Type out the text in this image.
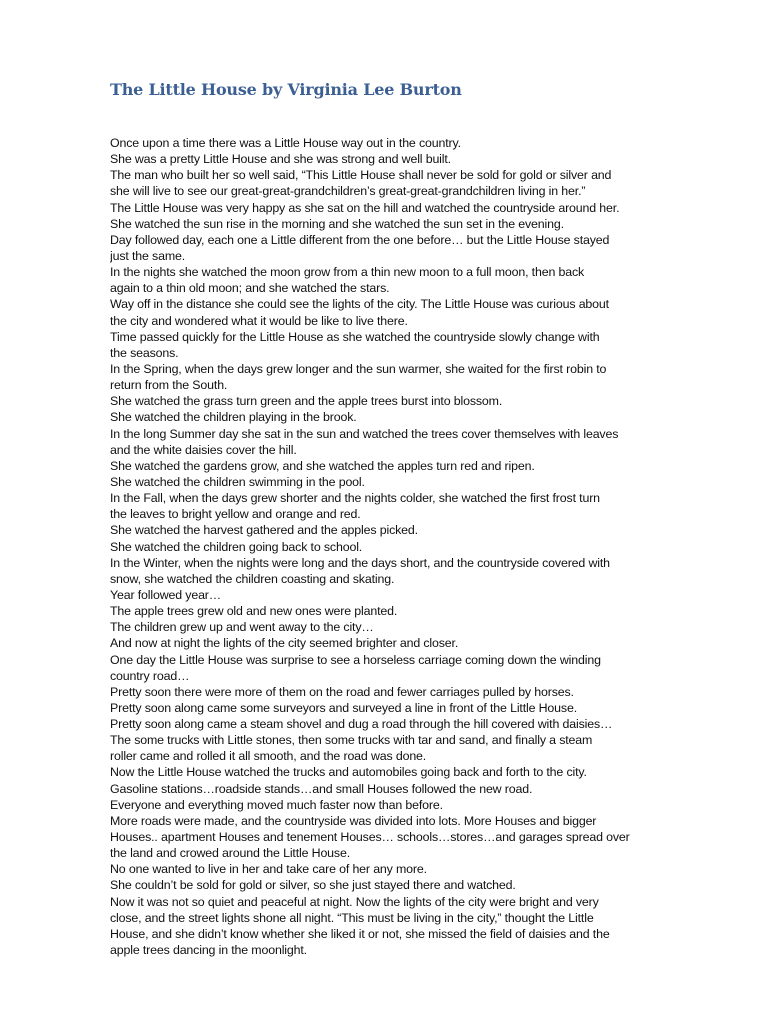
The Little House by Virginia Lee Burton
Once upon a time there was a Little House way out in the country.
She was a pretty Little House and she was strong and well built.
The man who built her so well said, “This Little House shall never be sold for gold or silver and
she will live to see our great-great-grandchildren’s great-great-grandchildren living in her.”
The Little House was very happy as she sat on the hill and watched the countryside around her.
She watched the sun rise in the morning and she watched the sun set in the evening.
Day followed day, each one a Little different from the one before… but the Little House stayed
just the same.
In the nights she watched the moon grow from a thin new moon to a full moon, then back
again to a thin old moon; and she watched the stars.
Way off in the distance she could see the lights of the city. The Little House was curious about
the city and wondered what it would be like to live there.
Time passed quickly for the Little House as she watched the countryside slowly change with
the seasons.
In the Spring, when the days grew longer and the sun warmer, she waited for the first robin to
return from the South.
She watched the grass turn green and the apple trees burst into blossom.
She watched the children playing in the brook.
In the long Summer day she sat in the sun and watched the trees cover themselves with leaves
and the white daisies cover the hill.
She watched the gardens grow, and she watched the apples turn red and ripen.
She watched the children swimming in the pool.
In the Fall, when the days grew shorter and the nights colder, she watched the first frost turn
the leaves to bright yellow and orange and red.
She watched the harvest gathered and the apples picked.
She watched the children going back to school.
In the Winter, when the nights were long and the days short, and the countryside covered with
snow, she watched the children coasting and skating.
Year followed year…
The apple trees grew old and new ones were planted.
The children grew up and went away to the city…
And now at night the lights of the city seemed brighter and closer.
One day the Little House was surprise to see a horseless carriage coming down the winding
country road…
Pretty soon there were more of them on the road and fewer carriages pulled by horses.
Pretty soon along came some surveyors and surveyed a line in front of the Little House.
Pretty soon along came a steam shovel and dug a road through the hill covered with daisies…
The some trucks with Little stones, then some trucks with tar and sand, and finally a steam
roller came and rolled it all smooth, and the road was done.
Now the Little House watched the trucks and automobiles going back and forth to the city.
Gasoline stations…roadside stands…and small Houses followed the new road.
Everyone and everything moved much faster now than before.
More roads were made, and the countryside was divided into lots. More Houses and bigger
Houses.. apartment Houses and tenement Houses… schools…stores…and garages spread over
the land and crowed around the Little House.
No one wanted to live in her and take care of her any more.
She couldn’t be sold for gold or silver, so she just stayed there and watched.
Now it was not so quiet and peaceful at night. Now the lights of the city were bright and very
close, and the street lights shone all night. “This must be living in the city,” thought the Little
House, and she didn’t know whether she liked it or not, she missed the field of daisies and the
apple trees dancing in the moonlight.
